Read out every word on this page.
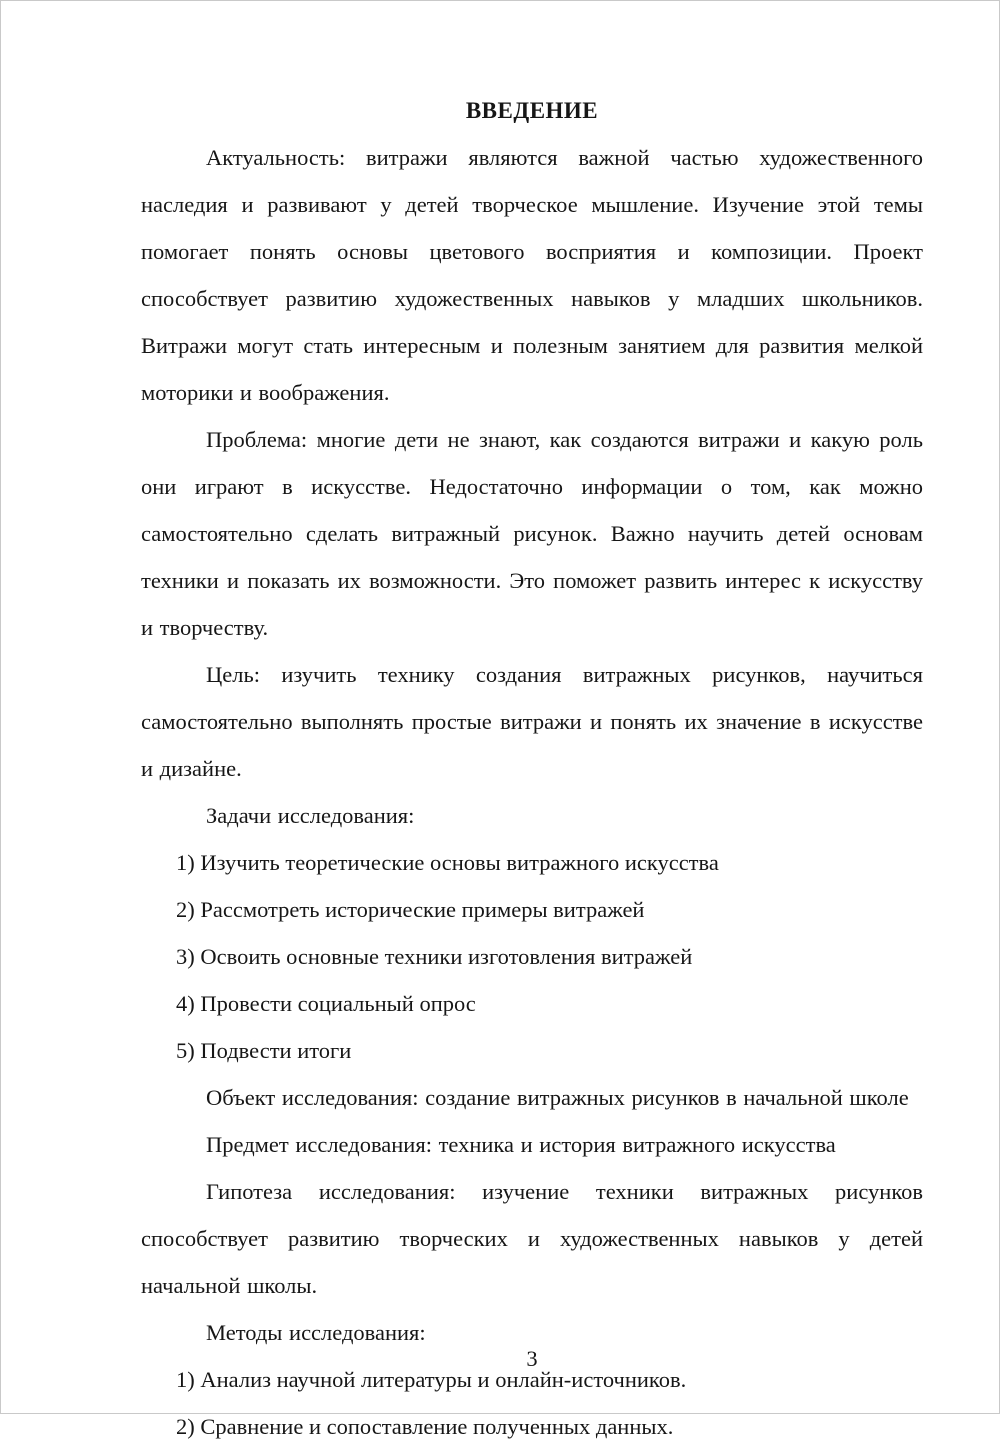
ВВЕДЕНИЕ

Актуальность: витражи являются важной частью художественного наследия и развивают у детей творческое мышление. Изучение этой темы помогает понять основы цветового восприятия и композиции. Проект способствует развитию художественных навыков у младших школьников. Витражи могут стать интересным и полезным занятием для развития мелкой моторики и воображения.

Проблема: многие дети не знают, как создаются витражи и какую роль они играют в искусстве. Недостаточно информации о том, как можно самостоятельно сделать витражный рисунок. Важно научить детей основам техники и показать их возможности. Это поможет развить интерес к искусству и творчеству.

Цель: изучить технику создания витражных рисунков, научиться самостоятельно выполнять простые витражи и понять их значение в искусстве и дизайне.

Задачи исследования:

1) Изучить теоретические основы витражного искусства

2) Рассмотреть исторические примеры витражей

3) Освоить основные техники изготовления витражей

4) Провести социальный опрос

5) Подвести итоги

Объект исследования: создание витражных рисунков в начальной школе

Предмет исследования: техника и история витражного искусства

Гипотеза исследования: изучение техники витражных рисунков способствует развитию творческих и художественных навыков у детей начальной школы.

Методы исследования:

1) Анализ научной литературы и онлайн-источников.

2) Сравнение и сопоставление полученных данных.

3
